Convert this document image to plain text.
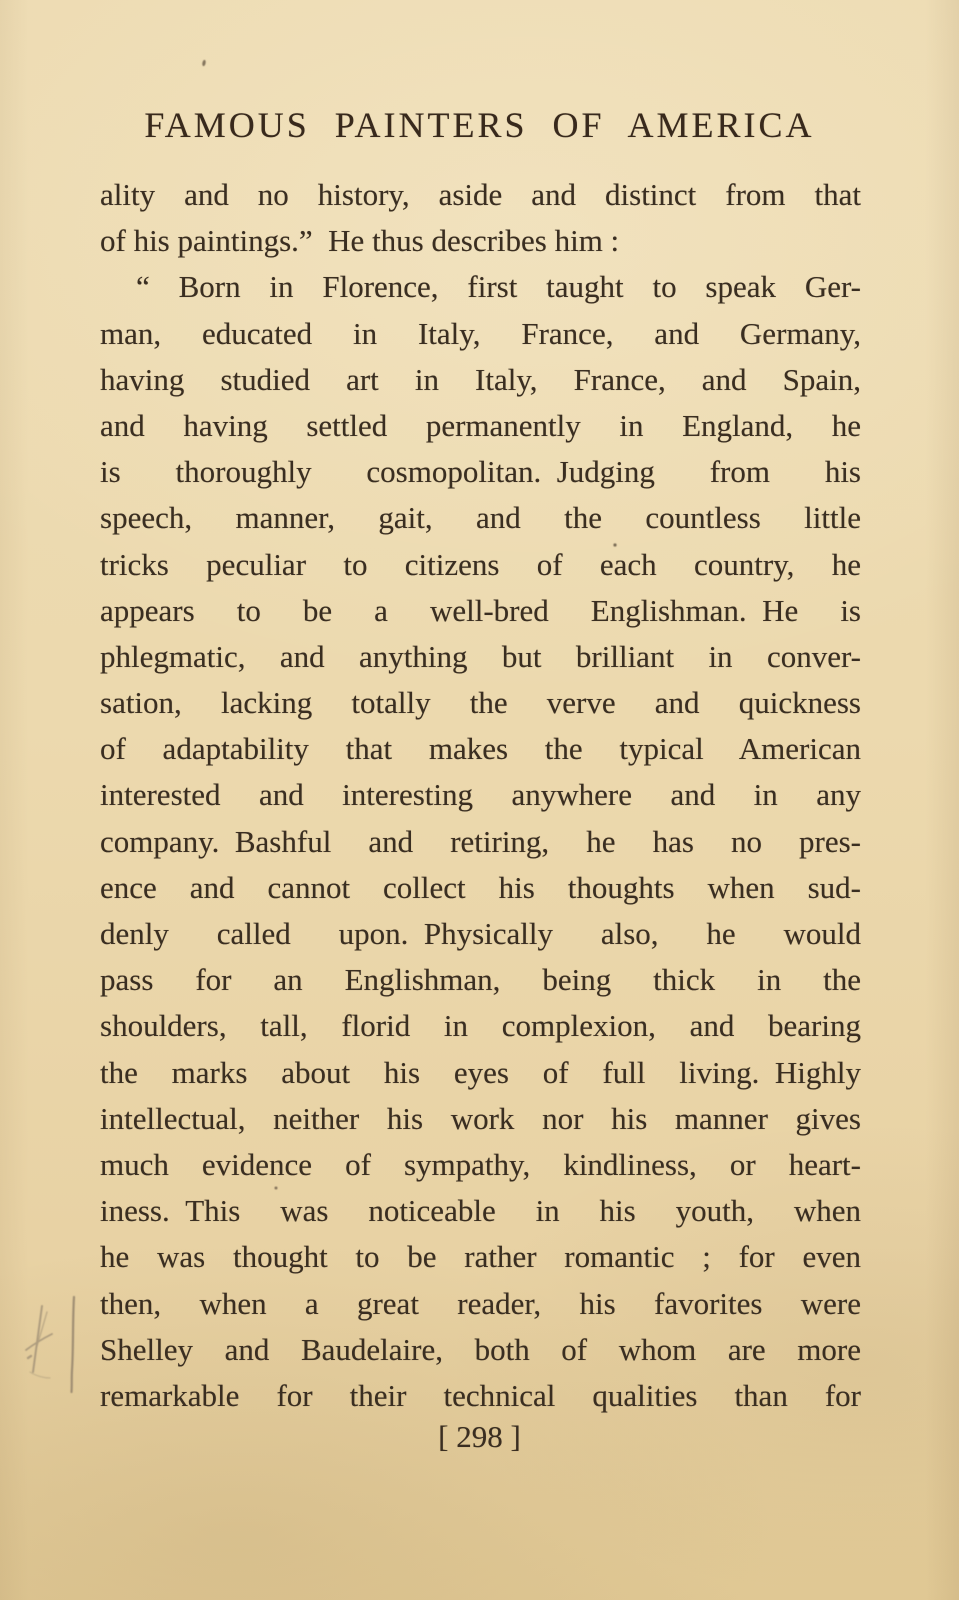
FAMOUS PAINTERS OF AMERICA
ality and no history, aside and distinct from that
of his paintings.” He thus describes him :
“ Born in Florence, first taught to speak Ger-
man, educated in Italy, France, and Germany,
having studied art in Italy, France, and Spain,
and having settled permanently in England, he
is thoroughly cosmopolitan. Judging from his
speech, manner, gait, and the countless little
tricks peculiar to citizens of each country, he
appears to be a well-bred Englishman. He is
phlegmatic, and anything but brilliant in conver-
sation, lacking totally the verve and quickness
of adaptability that makes the typical American
interested and interesting anywhere and in any
company. Bashful and retiring, he has no pres-
ence and cannot collect his thoughts when sud-
denly called upon. Physically also, he would
pass for an Englishman, being thick in the
shoulders, tall, florid in complexion, and bearing
the marks about his eyes of full living. Highly
intellectual, neither his work nor his manner gives
much evidence of sympathy, kindliness, or heart-
iness. This was noticeable in his youth, when
he was thought to be rather romantic ; for even
then, when a great reader, his favorites were
Shelley and Baudelaire, both of whom are more
remarkable for their technical qualities than for
[ 298 ]
